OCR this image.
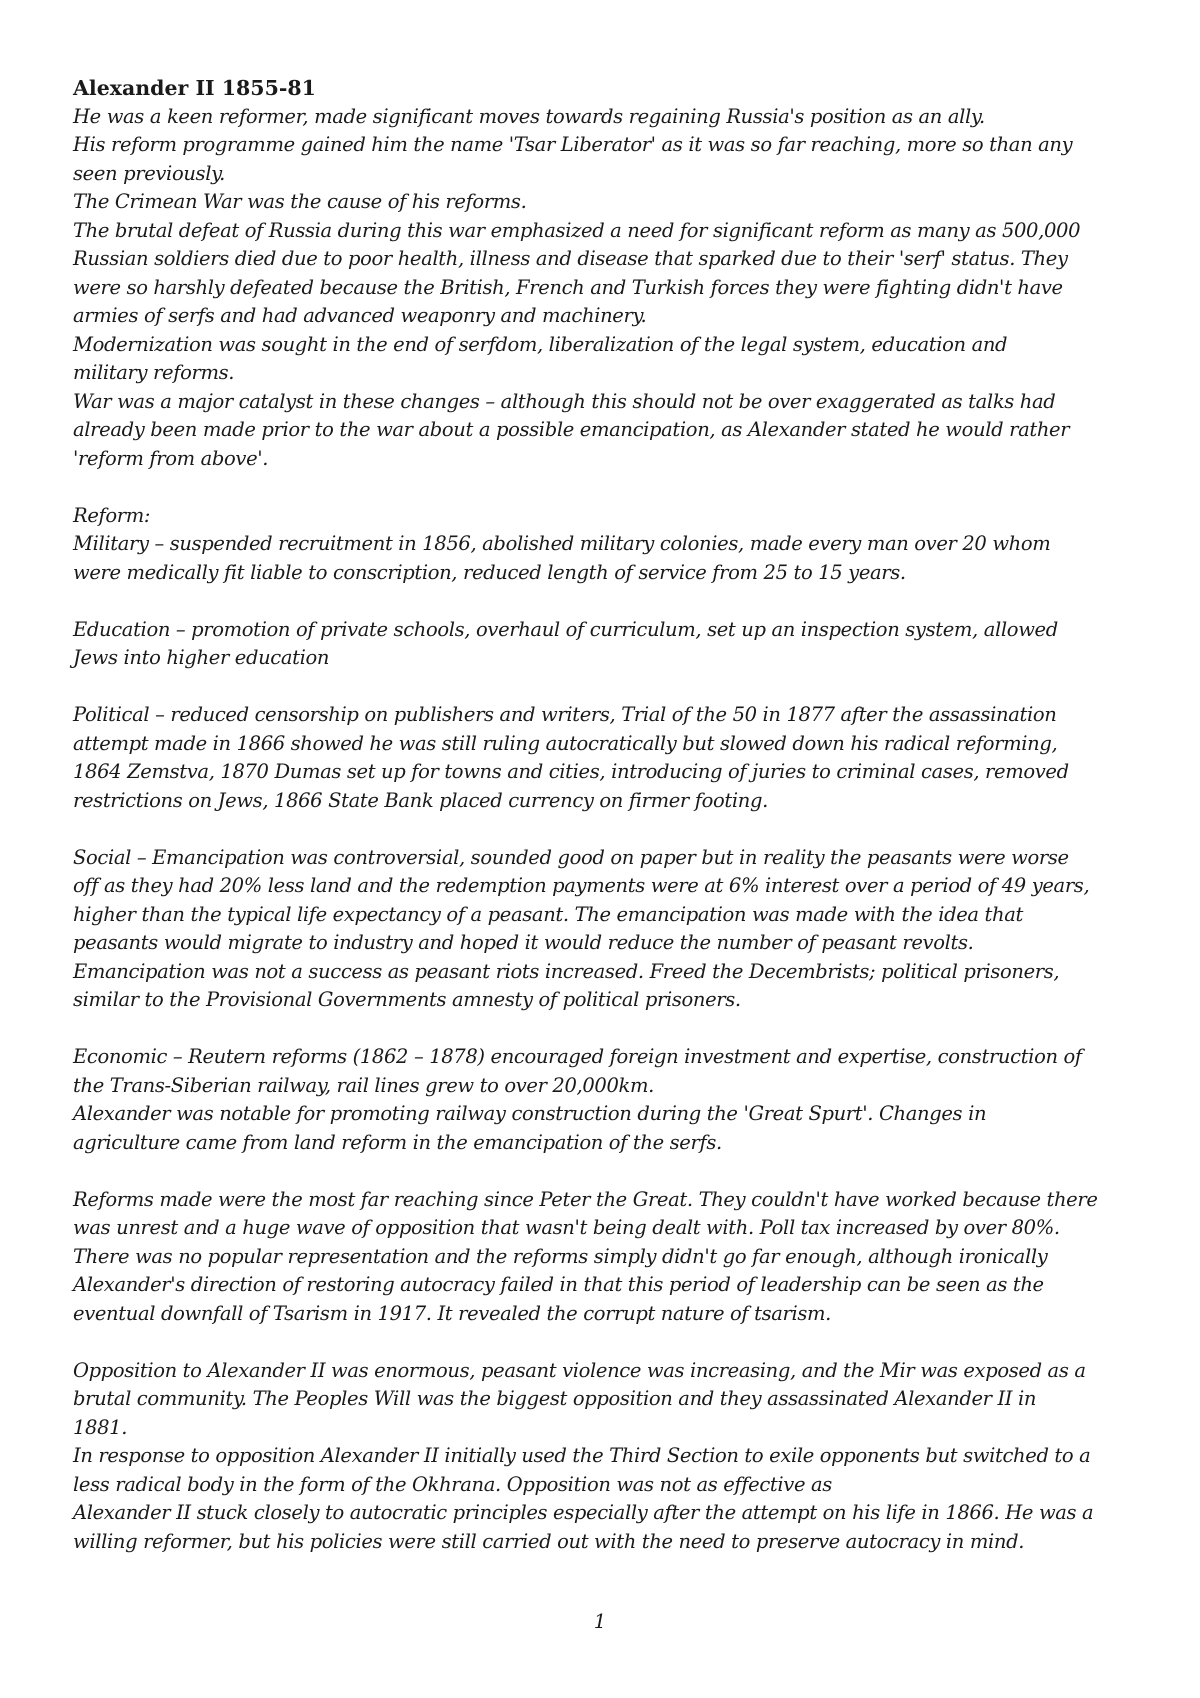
Alexander II 1855-81
He was a keen reformer, made significant moves towards regaining Russia's position as an ally.
His reform programme gained him the name 'Tsar Liberator' as it was so far reaching, more so than any
seen previously.
The Crimean War was the cause of his reforms.
The brutal defeat of Russia during this war emphasized a need for significant reform as many as 500,000
Russian soldiers died due to poor health, illness and disease that sparked due to their 'serf' status. They
were so harshly defeated because the British, French and Turkish forces they were fighting didn't have
armies of serfs and had advanced weaponry and machinery.
Modernization was sought in the end of serfdom, liberalization of the legal system, education and
military reforms.
War was a major catalyst in these changes – although this should not be over exaggerated as talks had
already been made prior to the war about a possible emancipation, as Alexander stated he would rather
'reform from above'.
Reform:
Military – suspended recruitment in 1856, abolished military colonies, made every man over 20 whom
were medically fit liable to conscription, reduced length of service from 25 to 15 years.
Education – promotion of private schools, overhaul of curriculum, set up an inspection system, allowed
Jews into higher education
Political – reduced censorship on publishers and writers, Trial of the 50 in 1877 after the assassination
attempt made in 1866 showed he was still ruling autocratically but slowed down his radical reforming,
1864 Zemstva, 1870 Dumas set up for towns and cities, introducing of juries to criminal cases, removed
restrictions on Jews, 1866 State Bank placed currency on firmer footing.
Social – Emancipation was controversial, sounded good on paper but in reality the peasants were worse
off as they had 20% less land and the redemption payments were at 6% interest over a period of 49 years,
higher than the typical life expectancy of a peasant. The emancipation was made with the idea that
peasants would migrate to industry and hoped it would reduce the number of peasant revolts.
Emancipation was not a success as peasant riots increased. Freed the Decembrists; political prisoners,
similar to the Provisional Governments amnesty of political prisoners.
Economic – Reutern reforms (1862 – 1878) encouraged foreign investment and expertise, construction of
the Trans-Siberian railway, rail lines grew to over 20,000km.
Alexander was notable for promoting railway construction during the 'Great Spurt'. Changes in
agriculture came from land reform in the emancipation of the serfs.
Reforms made were the most far reaching since Peter the Great. They couldn't have worked because there
was unrest and a huge wave of opposition that wasn't being dealt with. Poll tax increased by over 80%.
There was no popular representation and the reforms simply didn't go far enough, although ironically
Alexander's direction of restoring autocracy failed in that this period of leadership can be seen as the
eventual downfall of Tsarism in 1917. It revealed the corrupt nature of tsarism.
Opposition to Alexander II was enormous, peasant violence was increasing, and the Mir was exposed as a
brutal community. The Peoples Will was the biggest opposition and they assassinated Alexander II in
1881.
In response to opposition Alexander II initially used the Third Section to exile opponents but switched to a
less radical body in the form of the Okhrana. Opposition was not as effective as
Alexander II stuck closely to autocratic principles especially after the attempt on his life in 1866. He was a
willing reformer, but his policies were still carried out with the need to preserve autocracy in mind.
1
